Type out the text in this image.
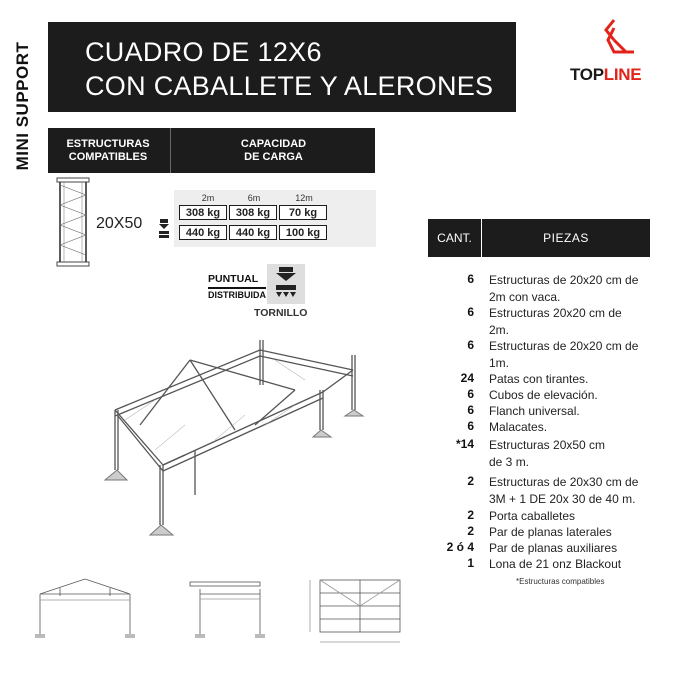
MINI SUPPORT CUADRO DE 12X6
CON CABALLETE Y ALERONES	TOPLINE
ESTRUCTURAS
COMPATIBLES
CAPACIDAD
DE CARGA
20X50
2m	6m	12m
308 kg	308 kg	70 kg
440 kg	440 kg	100 kg
PUNTUAL
DISTRIBUIDA
TORNILLO
CANT.	PIEZAS
6 Estructuras de 20x20 cm de
2m con vaca.
6 Estructuras 20x20 cm de
2m.
6 Estructuras de 20x20 cm de
1m.
24 Patas con tirantes.
6 Cubos de elevación.
6 Flanch universal.
6 Malacates.
*14 Estructuras 20x50 cm
de 3 m.
2 Estructuras de 20x30 cm de
3M + 1 DE 20x 30 de 40 m.
2 Porta caballetes
2 Par de planas laterales
2 ó 4 Par de planas auxiliares
1 Lona de 21 onz Blackout
*Estructuras compatibles
